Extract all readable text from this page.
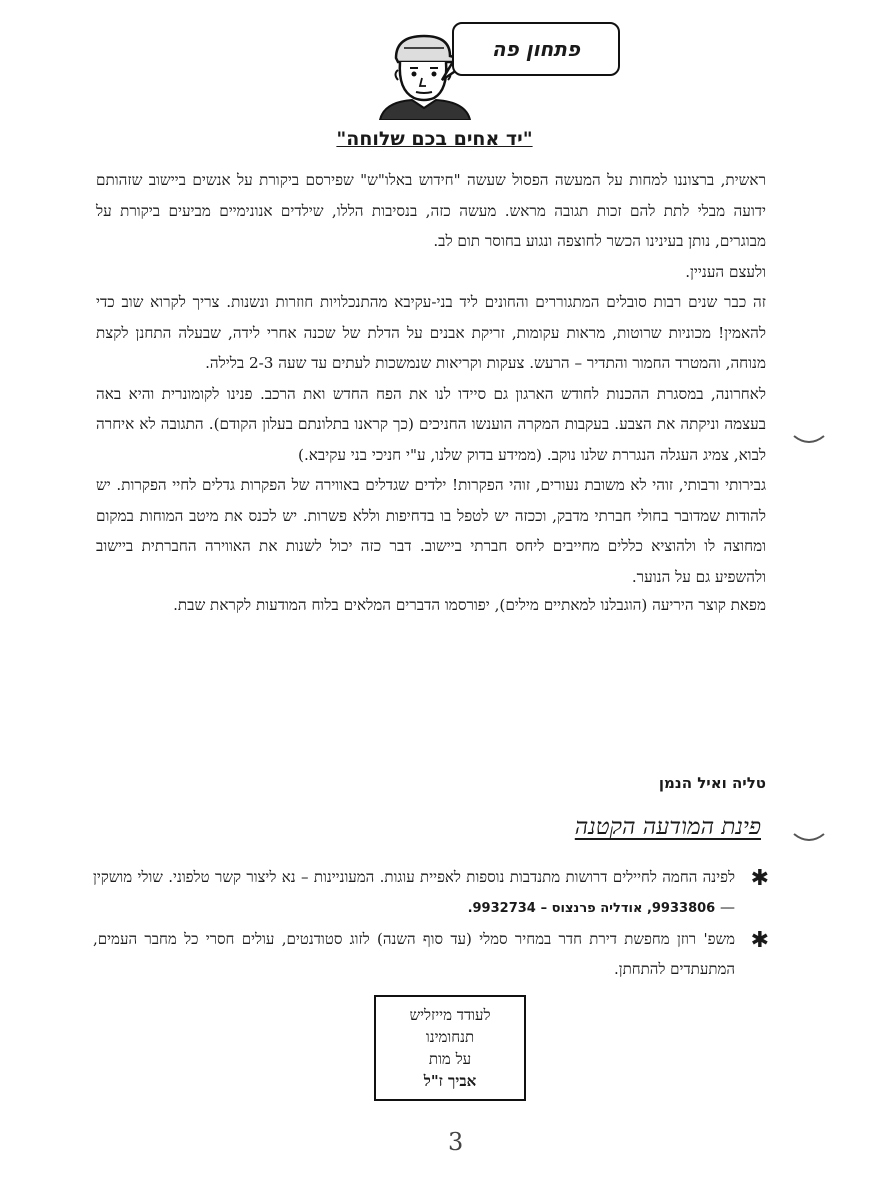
פתחון פה
"יד אחים בכם שלוחה"

ראשית, ברצוננו למחות על המעשה הפסול שעשה "חידוש באלו"ש" שפירסם ביקורת על אנשים ביישוב שזהותם ידועה מבלי לתת להם זכות תגובה מראש. מעשה כזה, בנסיבות הללו, שילדים אנונימיים מביעים ביקורת על מבוגרים, נותן בעינינו הכשר לחוצפה ונגוע בחוסר תום לב.

ולעצם העניין.

זה כבר שנים רבות סובלים המתגוררים והחונים ליד בני-עקיבא מהתנכלויות חוזרות ונשנות. צריך לקרוא שוב כדי להאמין! מכוניות שרוטות, מראות עקומות, זריקת אבנים על הדלת של שכנה אחרי לידה, שבעלה התחנן לקצת מנוחה, והמטרד החמור והתדיר – הרעש. צעקות וקריאות שנמשכות לעתים עד שעה 2-3 בלילה.

לאחרונה, במסגרת ההכנות לחודש הארגון גם סיידו לנו את הפח החדש ואת הרכב. פנינו לקומונרית והיא באה בעצמה וניקתה את הצבע. בעקבות המקרה הוענשו החניכים (כך קראנו בתלונתם בעלון הקודם). התגובה לא איחרה לבוא, צמיג העגלה הנגררת שלנו נוקב. (ממידע בדוק שלנו, ע"י חניכי בני עקיבא.)

גבירותי ורבותי, זוהי לא משובת נעורים, זוהי הפקרות! ילדים שגדלים באווירה של הפקרות גדלים לחיי הפקרות. יש להודות שמדובר בחולי חברתי מדבק, וככזה יש לטפל בו בדחיפות וללא פשרות. יש לכנס את מיטב המוחות במקום ומחוצה לו ולהוציא כללים מחייבים ליחס חברתי ביישוב. דבר כזה יכול לשנות את האווירה החברתית ביישוב ולהשפיע גם על הנוער.

מפאת קוצר היריעה (הוגבלנו למאתיים מילים), יפורסמו הדברים המלאים בלוח המודעות לקראת שבת.

טליה ואיל הנמן
פינת המודעה הקטנה
✱
לפינה החמה לחיילים דרושות מתנדבות נוספות לאפיית עוגות. המעוניינות – נא ליצור קשר טלפוני. שולי מושקין — 9933806, אודליה פרנצוס – 9932734.
✱
משפ' רוזן מחפשת דירת חדר במחיר סמלי (עד סוף השנה) לזוג סטודנטים, עולים חסרי כל מחבר העמים, המתעתדים להתחתן.
לעודד מייזליש
תנחומינו
על מות
אביך ז"ל
3
